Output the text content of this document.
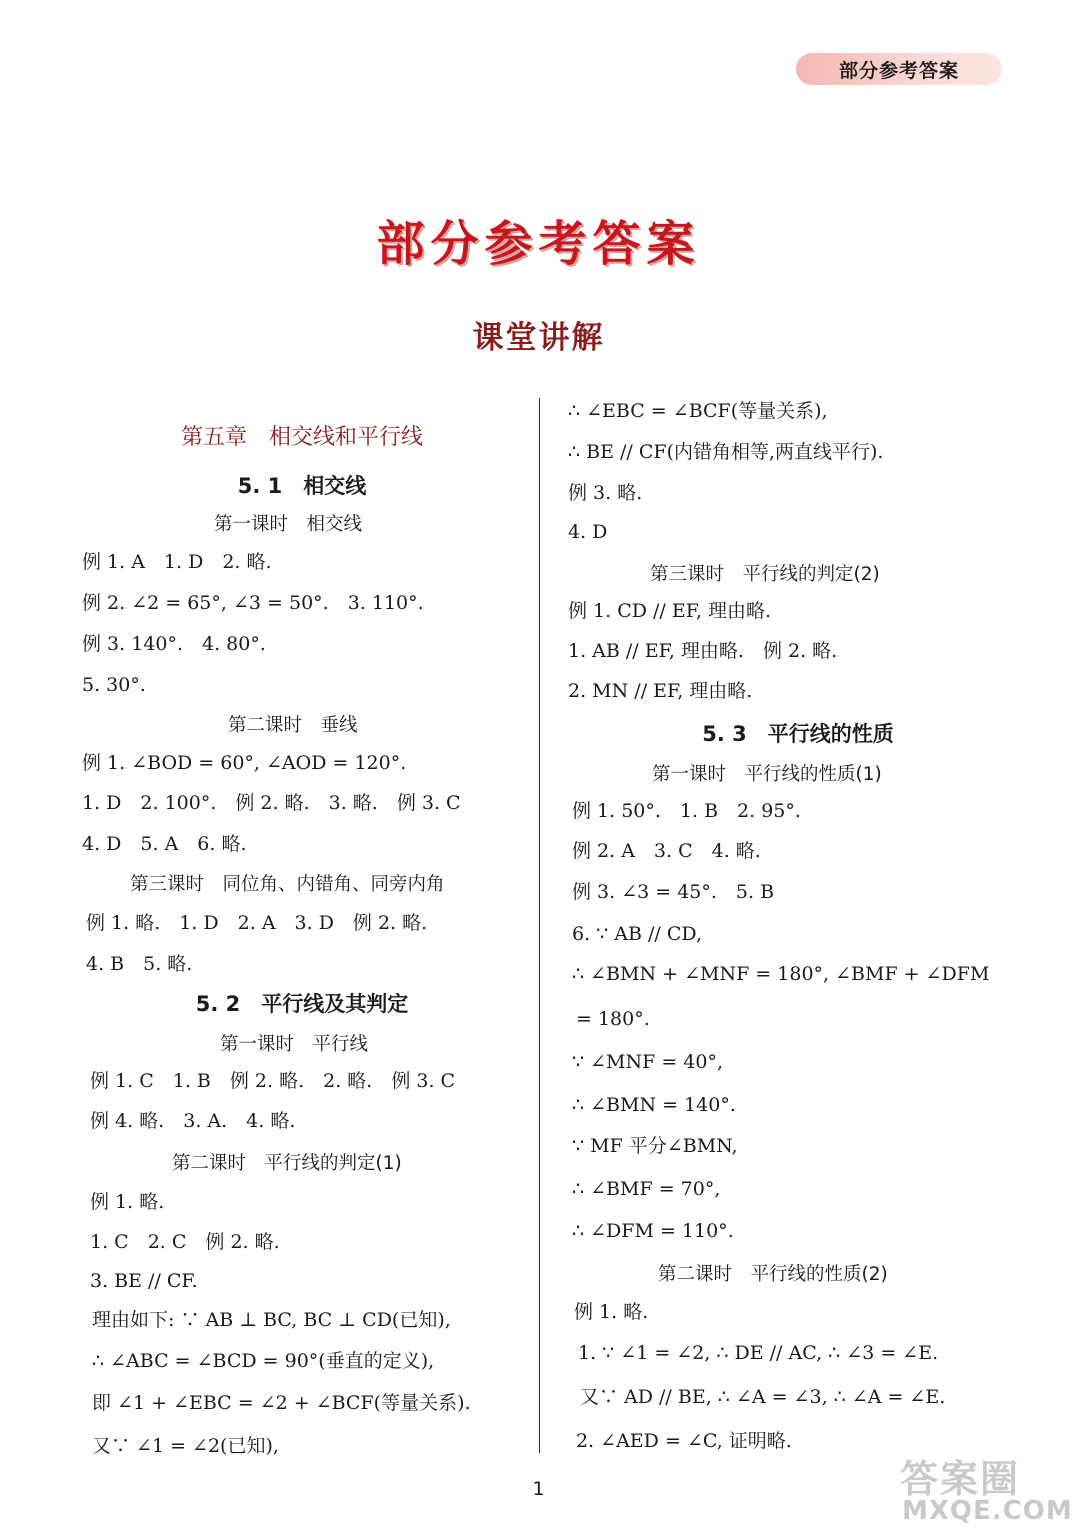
部分参考答案
部分参考答案
课堂讲解
第五章　相交线和平行线
5. 1　相交线
第一课时　相交线
例 1. A　1. D　2. 略.
例 2. ∠2 = 65°, ∠3 = 50°.　3. 110°.
例 3. 140°.　4. 80°.
5. 30°.
第二课时　垂线
例 1. ∠BOD = 60°, ∠AOD = 120°.
1. D　2. 100°.　例 2. 略.　3. 略.　例 3. C
4. D　5. A　6. 略.
第三课时　同位角、内错角、同旁内角
例 1. 略.　1. D　2. A　3. D　例 2. 略.
4. B　5. 略.
5. 2　平行线及其判定
第一课时　平行线
例 1. C　1. B　例 2. 略.　2. 略.　例 3. C
例 4. 略.　3. A.　4. 略.
第二课时　平行线的判定(1)
例 1. 略.
1. C　2. C　例 2. 略.
3. BE // CF.
理由如下: ∵ AB ⊥ BC, BC ⊥ CD(已知),
∴ ∠ABC = ∠BCD = 90°(垂直的定义),
即 ∠1 + ∠EBC = ∠2 + ∠BCF(等量关系).
又∵ ∠1 = ∠2(已知),
∴ ∠EBC = ∠BCF(等量关系),
∴ BE // CF(内错角相等,两直线平行).
例 3. 略.
4. D
第三课时　平行线的判定(2)
例 1. CD // EF, 理由略.
1. AB // EF, 理由略.　例 2. 略.
2. MN // EF, 理由略.
5. 3　平行线的性质
第一课时　平行线的性质(1)
例 1. 50°.　1. B　2. 95°.
例 2. A　3. C　4. 略.
例 3. ∠3 = 45°.　5. B
6. ∵ AB // CD,
∴ ∠BMN + ∠MNF = 180°, ∠BMF + ∠DFM
= 180°.
∵ ∠MNF = 40°,
∴ ∠BMN = 140°.
∵ MF 平分∠BMN,
∴ ∠BMF = 70°,
∴ ∠DFM = 110°.
第二课时　平行线的性质(2)
例 1. 略.
1. ∵ ∠1 = ∠2, ∴ DE // AC, ∴ ∠3 = ∠E.
又∵ AD // BE, ∴ ∠A = ∠3, ∴ ∠A = ∠E.
2. ∠AED = ∠C, 证明略.
1	答案圈
MXQE.COM
